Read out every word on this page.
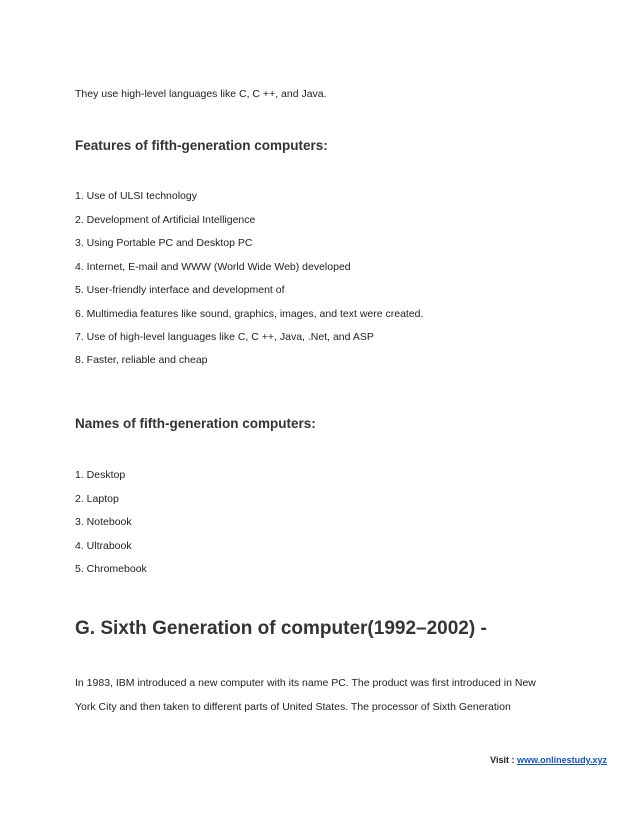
They use high-level languages like C, C ++, and Java.
Features of fifth-generation computers:
1. Use of ULSI technology
2. Development of Artificial Intelligence
3. Using Portable PC and Desktop PC
4. Internet, E-mail and WWW (World Wide Web) developed
5. User-friendly interface and development of
6. Multimedia features like sound, graphics, images, and text were created.
7. Use of high-level languages like C, C ++, Java, .Net, and ASP
8. Faster, reliable and cheap
Names of fifth-generation computers:
1. Desktop
2. Laptop
3. Notebook
4. Ultrabook
5. Chromebook
G. Sixth Generation of computer(1992–2002) -
In 1983, IBM introduced a new computer with its name PC. The product was first introduced in New
York City and then taken to different parts of United States. The processor of Sixth Generation
Visit : www.onlinestudy.xyz
